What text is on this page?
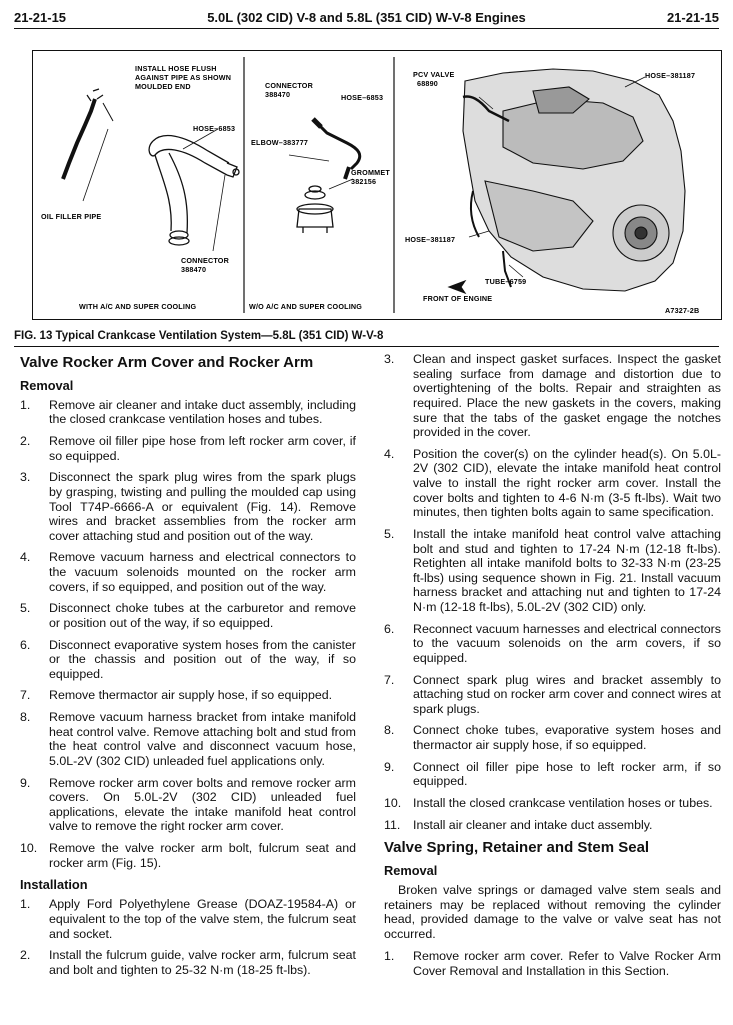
21-21-15	5.0L (302 CID) V-8 and 5.8L (351 CID) W-V-8 Engines	21-21-15
INSTALL HOSE FLUSH
AGAINST PIPE AS SHOWN
MOULDED END
HOSE–6853
OIL FILLER PIPE
CONNECTOR
388470
WITH A/C AND SUPER COOLING
CONNECTOR
388470	HOSE–6853
ELBOW–383777
GROMMET
382156
W/O A/C AND SUPER COOLING
PCV VALVE
68890
HOSE–381187
HOSE–381187
TUBE–6759
FRONT OF ENGINE
A7327-2B
FIG. 13 Typical Crankcase Ventilation System—5.8L (351 CID) W-V-8
Valve Rocker Arm Cover and Rocker Arm
Removal
1.	Remove air cleaner and intake duct assembly, including the closed crankcase ventilation hoses and tubes.
2.	Remove oil filler pipe hose from left rocker arm cover, if so equipped.
3.	Disconnect the spark plug wires from the spark plugs by grasping, twisting and pulling the moulded cap using Tool T74P-6666-A or equivalent (Fig. 14). Remove wires and bracket assemblies from the rocker arm cover attaching stud and position out of the way.
4.	Remove vacuum harness and electrical connectors to the vacuum solenoids mounted on the rocker arm covers, if so equipped, and position out of the way.
5.	Disconnect choke tubes at the carburetor and remove or position out of the way, if so equipped.
6.	Disconnect evaporative system hoses from the canister or the chassis and position out of the way, if so equipped.
7.	Remove thermactor air supply hose, if so equipped.
8.	Remove vacuum harness bracket from intake manifold heat control valve. Remove attaching bolt and stud from the heat control valve and disconnect vacuum hose, 5.0L-2V (302 CID) unleaded fuel applications only.
9.	Remove rocker arm cover bolts and remove rocker arm covers. On 5.0L-2V (302 CID) unleaded fuel applications, elevate the intake manifold heat control valve to remove the right rocker arm cover.
10. Remove the valve rocker arm bolt, fulcrum seat and rocker arm (Fig. 15).
Installation
1.	Apply Ford Polyethylene Grease (DOAZ-19584-A) or equivalent to the top of the valve stem, the fulcrum seat and socket.
2.	Install the fulcrum guide, valve rocker arm, fulcrum seat and bolt and tighten to 25-32 N·m (18-25 ft-lbs).
3.	Clean and inspect gasket surfaces. Inspect the gasket sealing surface from damage and distortion due to overtightening of the bolts. Repair and straighten as required. Place the new gaskets in the covers, making sure that the tabs of the gasket engage the notches provided in the cover.
4.	Position the cover(s) on the cylinder head(s). On 5.0L-2V (302 CID), elevate the intake manifold heat control valve to install the right rocker arm cover. Install the cover bolts and tighten to 4-6 N·m (3-5 ft-lbs). Wait two minutes, then tighten bolts again to same specification.
5.	Install the intake manifold heat control valve attaching bolt and stud and tighten to 17-24 N·m (12-18 ft-lbs). Retighten all intake manifold bolts to 32-33 N·m (23-25 ft-lbs) using sequence shown in Fig. 21. Install vacuum harness bracket and attaching nut and tighten to 17-24 N·m (12-18 ft-lbs), 5.0L-2V (302 CID) only.
6.	Reconnect vacuum harnesses and electrical connectors to the vacuum solenoids on the arm covers, if so equipped.
7.	Connect spark plug wires and bracket assembly to attaching stud on rocker arm cover and connect wires at spark plugs.
8.	Connect choke tubes, evaporative system hoses and thermactor air supply hose, if so equipped.
9.	Connect oil filler pipe hose to left rocker arm, if so equipped.
10. Install the closed crankcase ventilation hoses or tubes.
11.	Install air cleaner and intake duct assembly.
Valve Spring, Retainer and Stem Seal
Removal

Broken valve springs or damaged valve stem seals and retainers may be replaced without removing the cylinder head, provided damage to the valve or valve seat has not occurred.

1.	Remove rocker arm cover. Refer to Valve Rocker Arm Cover Removal and Installation in this Section.
